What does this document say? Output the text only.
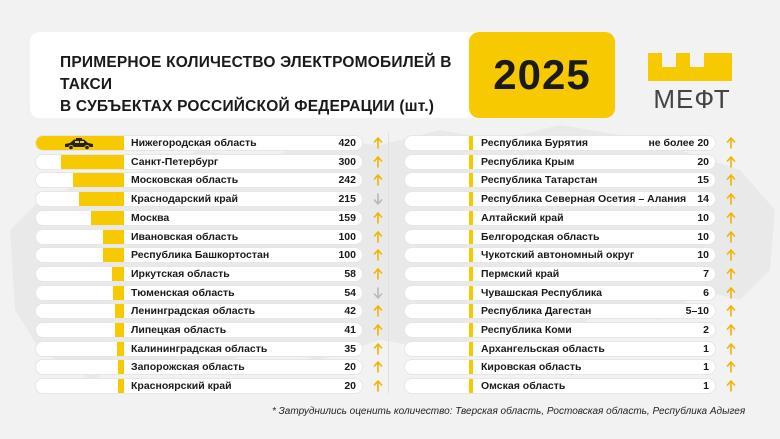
ПРИМЕРНОЕ КОЛИЧЕСТВО ЭЛЕКТРОМОБИЛЕЙ В ТАКСИ
В СУБЪЕКТАХ РОССИЙСКОЙ ФЕДЕРАЦИИ (шт.)
2025
МЕФТ
Нижегородская область	420
Санкт-Петербург	300
Московская область	242
Краснодарский край	215
Москва	159
Ивановская область	100
Республика Башкортостан	100
Иркутская область	58
Тюменская область	54
Ленинградская область	42
Липецкая область	41
Калининградская область	35
Запорожская область	20
Красноярский край	20
Республика Бурятия	не более 20
Республика Крым	20
Республика Татарстан	15
Республика Северная Осетия – Алания 14
Алтайский край	10
Белгородская область	10
Чукотский автономный округ	10
Пермский край	7
Чувашская Республика	6
Республика Дагестан	5–10
Республика Коми	2
Архангельская область	1
Кировская область	1
Омская область	1
* Затруднились оценить количество: Тверская область, Ростовская область, Республика Адыгея
